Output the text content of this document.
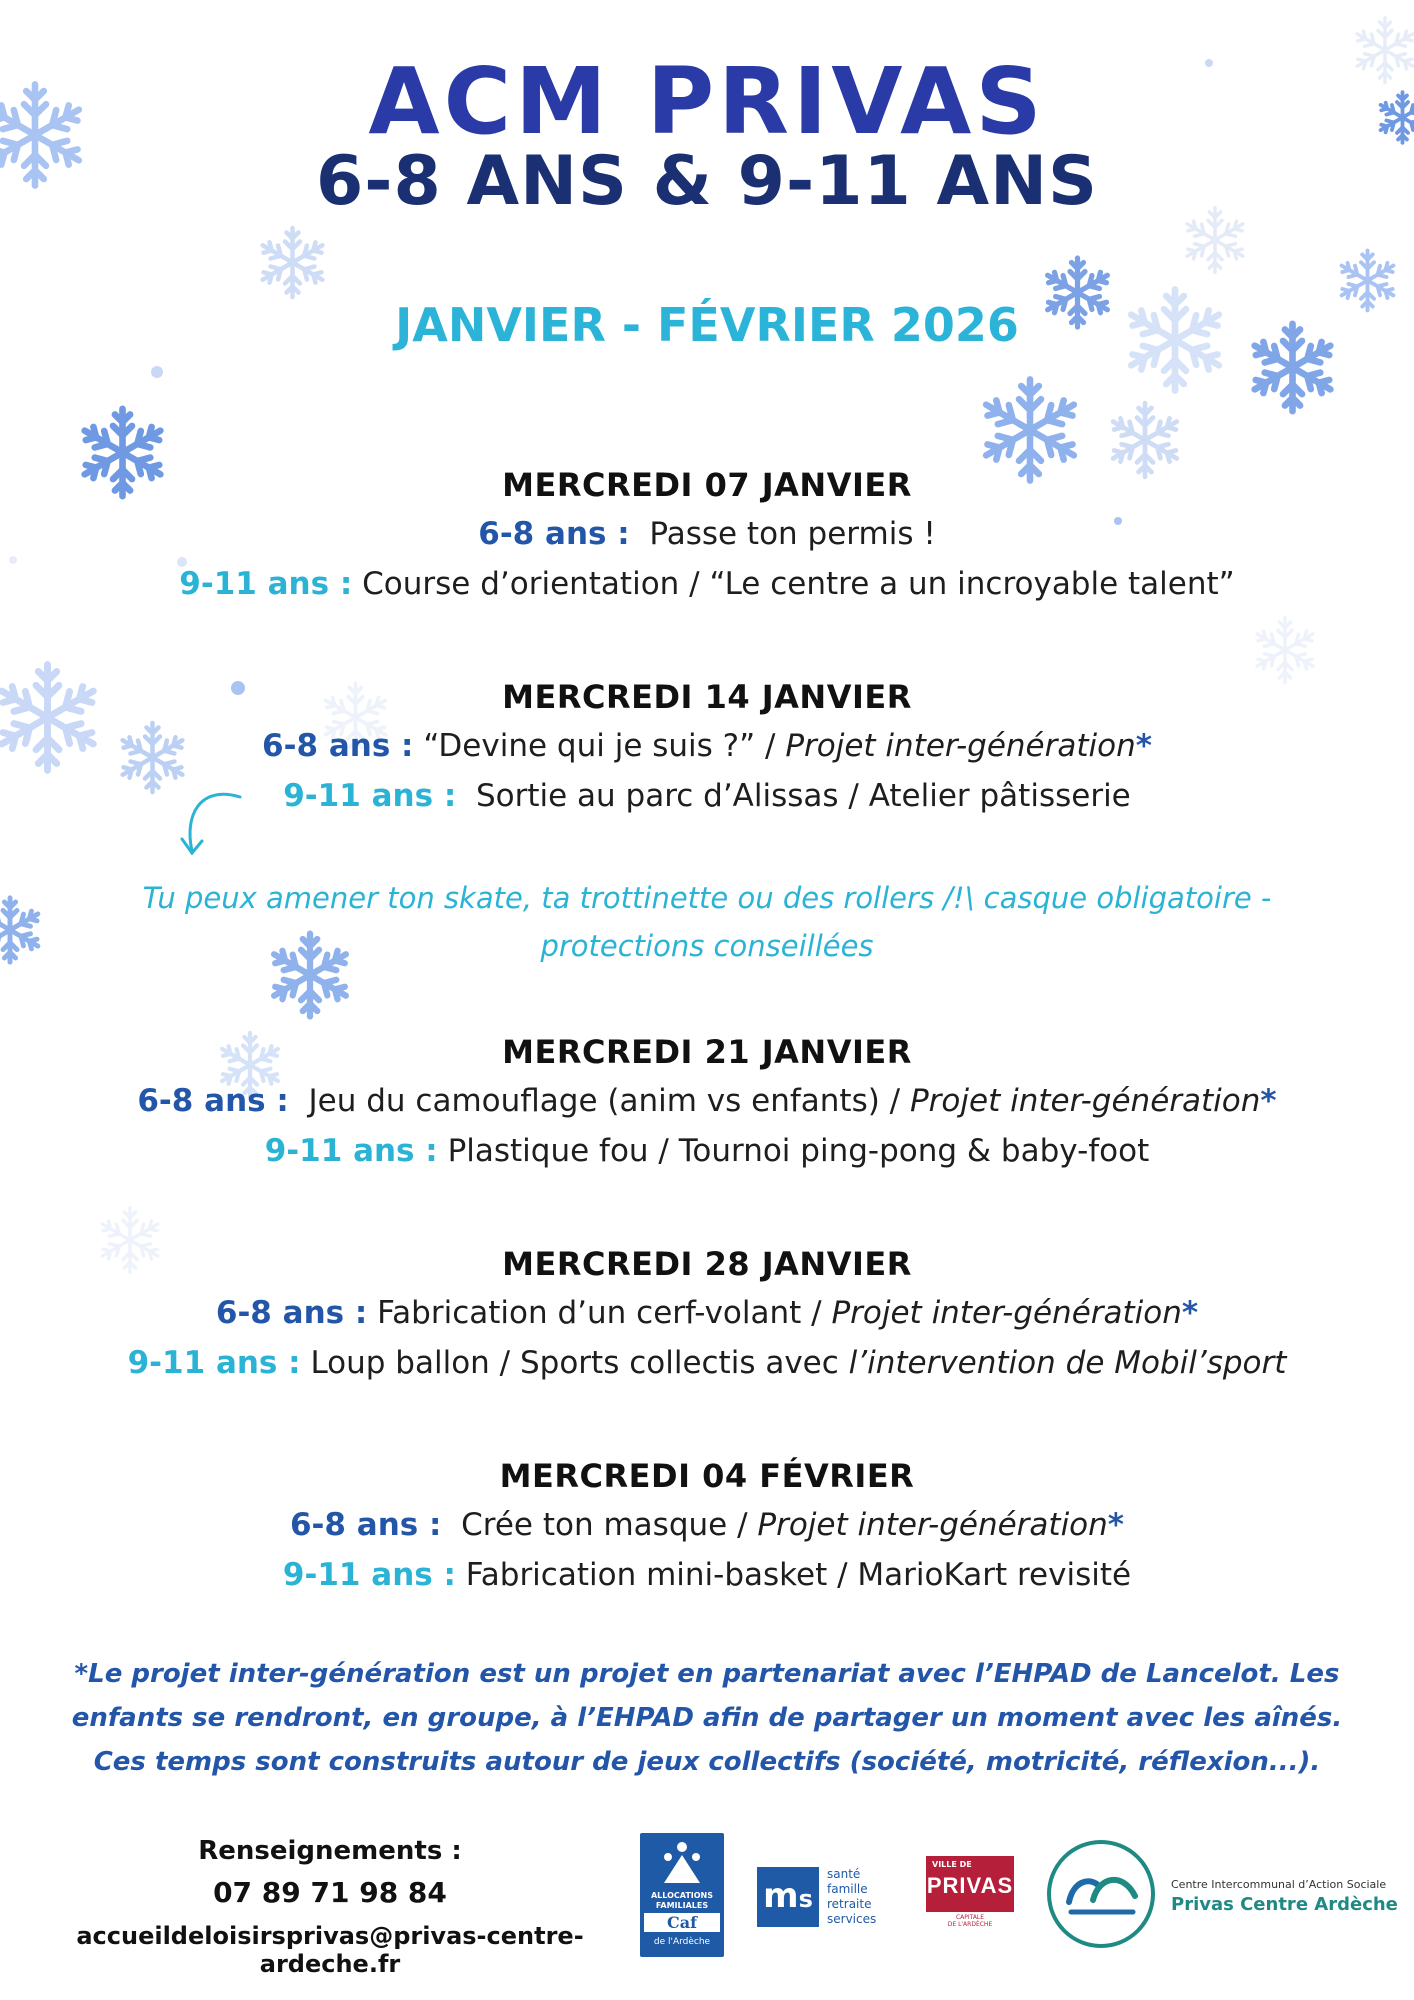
ACM PRIVAS
6-8 ANS & 9-11 ANS
JANVIER - FÉVRIER 2026
MERCREDI 07 JANVIER
6-8 ans : Passe ton permis !
9-11 ans : Course d’orientation / “Le centre a un incroyable talent”
MERCREDI 14 JANVIER
6-8 ans : “Devine qui je suis ?” / Projet inter-génération*
9-11 ans : Sortie au parc d’Alissas / Atelier pâtisserie
Tu peux amener ton skate, ta trottinette ou des rollers /!\ casque obligatoire -
protections conseillées
MERCREDI 21 JANVIER
6-8 ans : Jeu du camouflage (anim vs enfants) / Projet inter-génération*
9-11 ans : Plastique fou / Tournoi ping-pong & baby-foot
MERCREDI 28 JANVIER
6-8 ans : Fabrication d’un cerf-volant / Projet inter-génération*
9-11 ans : Loup ballon / Sports collectis avec l’intervention de Mobil’sport
MERCREDI 04 FÉVRIER
6-8 ans : Crée ton masque / Projet inter-génération*
9-11 ans : Fabrication mini-basket / MarioKart revisité
*Le projet inter-génération est un projet en partenariat avec l’EHPAD de Lancelot. Les
enfants se rendront, en groupe, à l’EHPAD afin de partager un moment avec les aînés.
Ces temps sont construits autour de jeux collectifs (société, motricité, réflexion...).
Renseignements :
07 89 71 98 84
accueildeloisirsprivas@privas-centre-ardeche.fr
ALLOCATIONS
FAMILIALES
Caf
de l'Ardèche
ms
santé
famille
retraite
services
VILLE DE
PRIVAS
CAPITALE
DE L'ARDÈCHE
Centre Intercommunal d’Action Sociale
Privas Centre Ardèche
